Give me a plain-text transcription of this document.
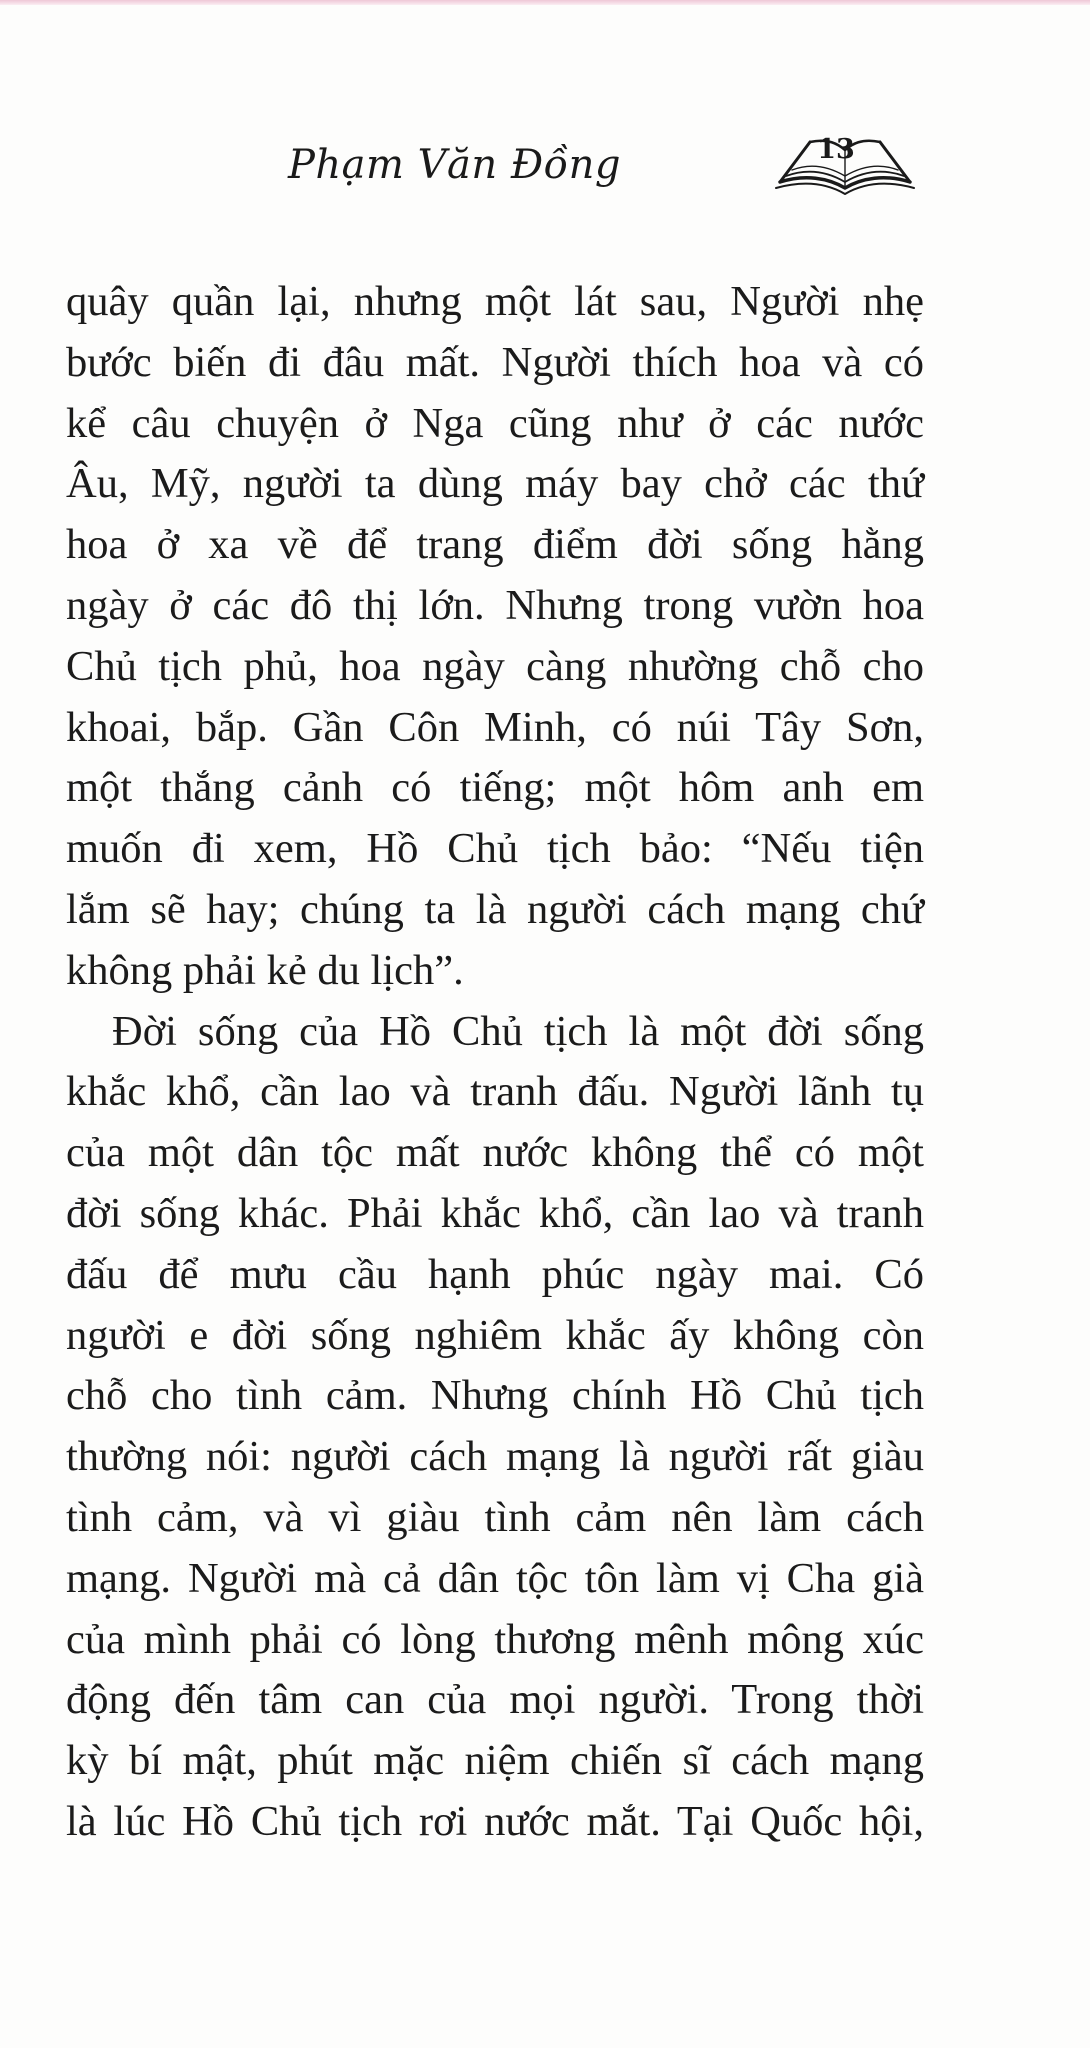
Phạm Văn Đồng	13
quây quần lại, nhưng một lát sau, Người nhẹ
bước biến đi đâu mất. Người thích hoa và có
kể câu chuyện ở Nga cũng như ở các nước
Âu, Mỹ, người ta dùng máy bay chở các thứ
hoa ở xa về để trang điểm đời sống hằng
ngày ở các đô thị lớn. Nhưng trong vườn hoa
Chủ tịch phủ, hoa ngày càng nhường chỗ cho
khoai, bắp. Gần Côn Minh, có núi Tây Sơn,
một thắng cảnh có tiếng; một hôm anh em
muốn đi xem, Hồ Chủ tịch bảo: “Nếu tiện
lắm sẽ hay; chúng ta là người cách mạng chứ
không phải kẻ du lịch”.
Đời sống của Hồ Chủ tịch là một đời sống
khắc khổ, cần lao và tranh đấu. Người lãnh tụ
của một dân tộc mất nước không thể có một
đời sống khác. Phải khắc khổ, cần lao và tranh
đấu để mưu cầu hạnh phúc ngày mai. Có
người e đời sống nghiêm khắc ấy không còn
chỗ cho tình cảm. Nhưng chính Hồ Chủ tịch
thường nói: người cách mạng là người rất giàu
tình cảm, và vì giàu tình cảm nên làm cách
mạng. Người mà cả dân tộc tôn làm vị Cha già
của mình phải có lòng thương mênh mông xúc
động đến tâm can của mọi người. Trong thời
kỳ bí mật, phút mặc niệm chiến sĩ cách mạng
là lúc Hồ Chủ tịch rơi nước mắt. Tại Quốc hội,
